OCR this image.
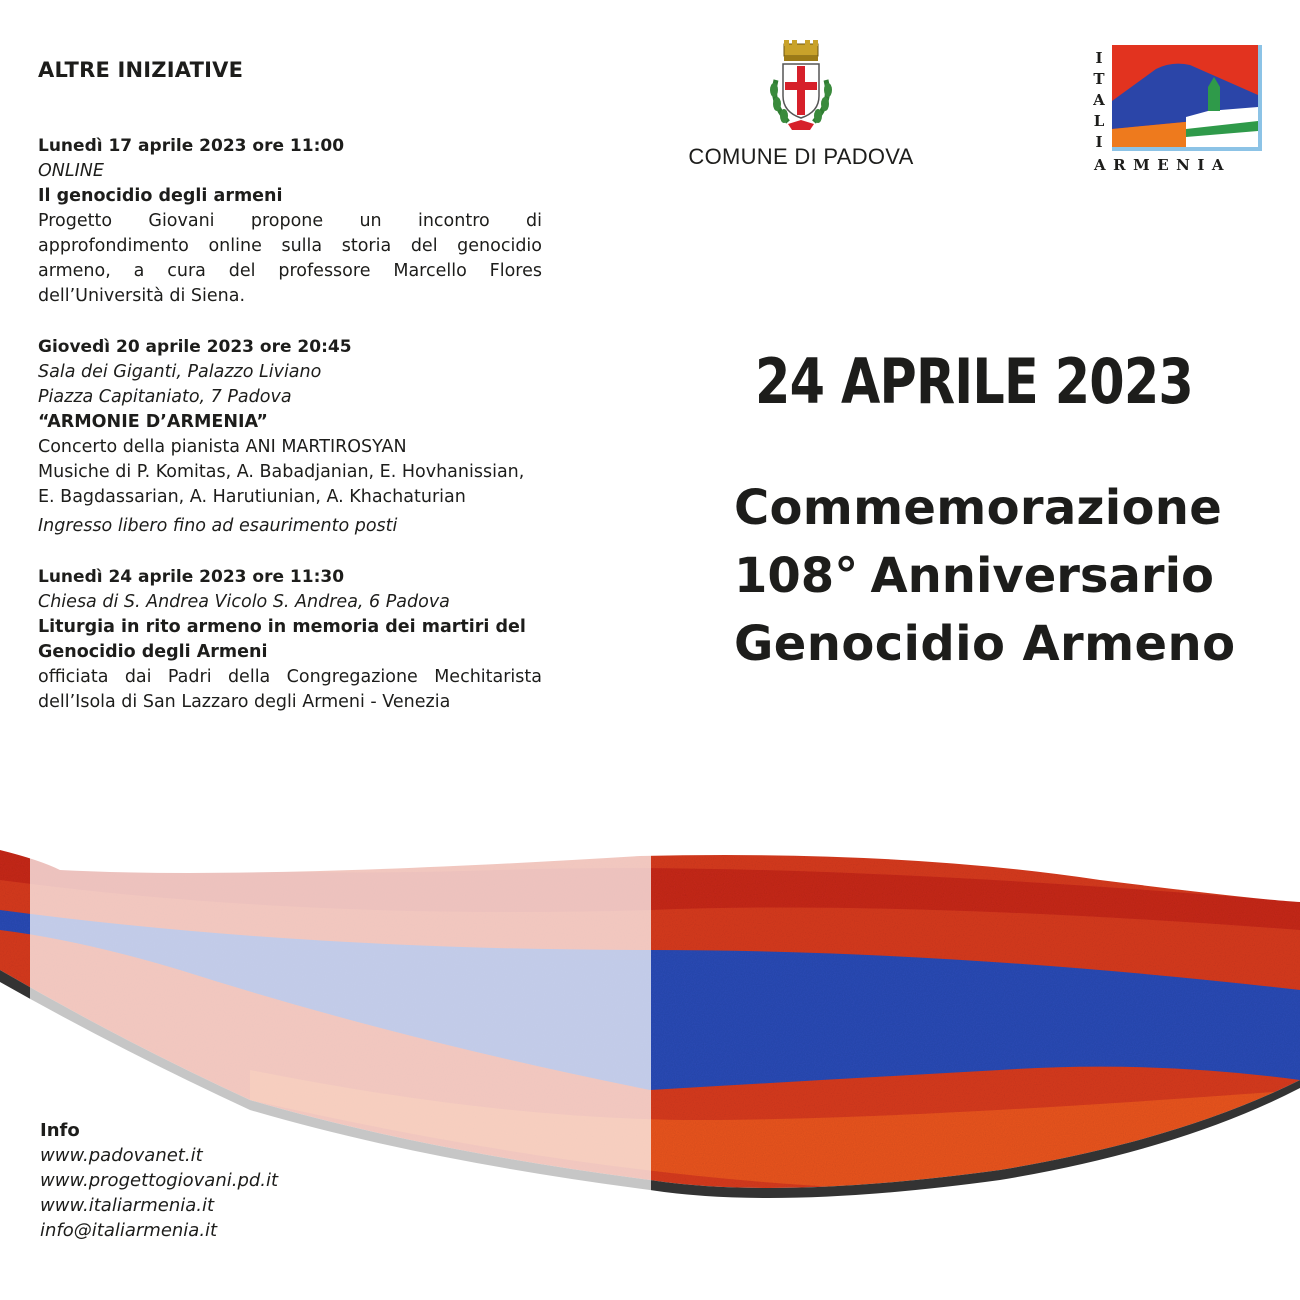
ALTRE INIZIATIVE
Lunedì 17 aprile 2023 ore 11:00
ONLINE
Il genocidio degli armeni
Progetto Giovani propone un incontro di approfondimento online sulla storia del genocidio armeno, a cura del professore Marcello Flores dell’Università di Siena.
Giovedì 20 aprile 2023 ore 20:45
Sala dei Giganti, Palazzo Liviano
Piazza Capitaniato, 7 Padova
“ARMONIE D’ARMENIA”
Concerto della pianista ANI MARTIROSYAN
Musiche di P. Komitas, A. Babadjanian, E. Hovhanissian,
E. Bagdassarian, A. Harutiunian, A. Khachaturian
Ingresso libero fino ad esaurimento posti
Lunedì 24 aprile 2023 ore 11:30
Chiesa di S. Andrea Vicolo S. Andrea, 6 Padova
Liturgia in rito armeno in memoria dei martiri del
Genocidio degli Armeni
officiata dai Padri della Congregazione Mechitarista dell’Isola di San Lazzaro degli Armeni - Venezia
COMUNE DI PADOVA
I
T
A
L
I
ARMENIA
24 APRILE 2023
Commemorazione
108° Anniversario
Genocidio Armeno
Info
www.padovanet.it
www.progettogiovani.pd.it
www.italiarmenia.it
info@italiarmenia.it
